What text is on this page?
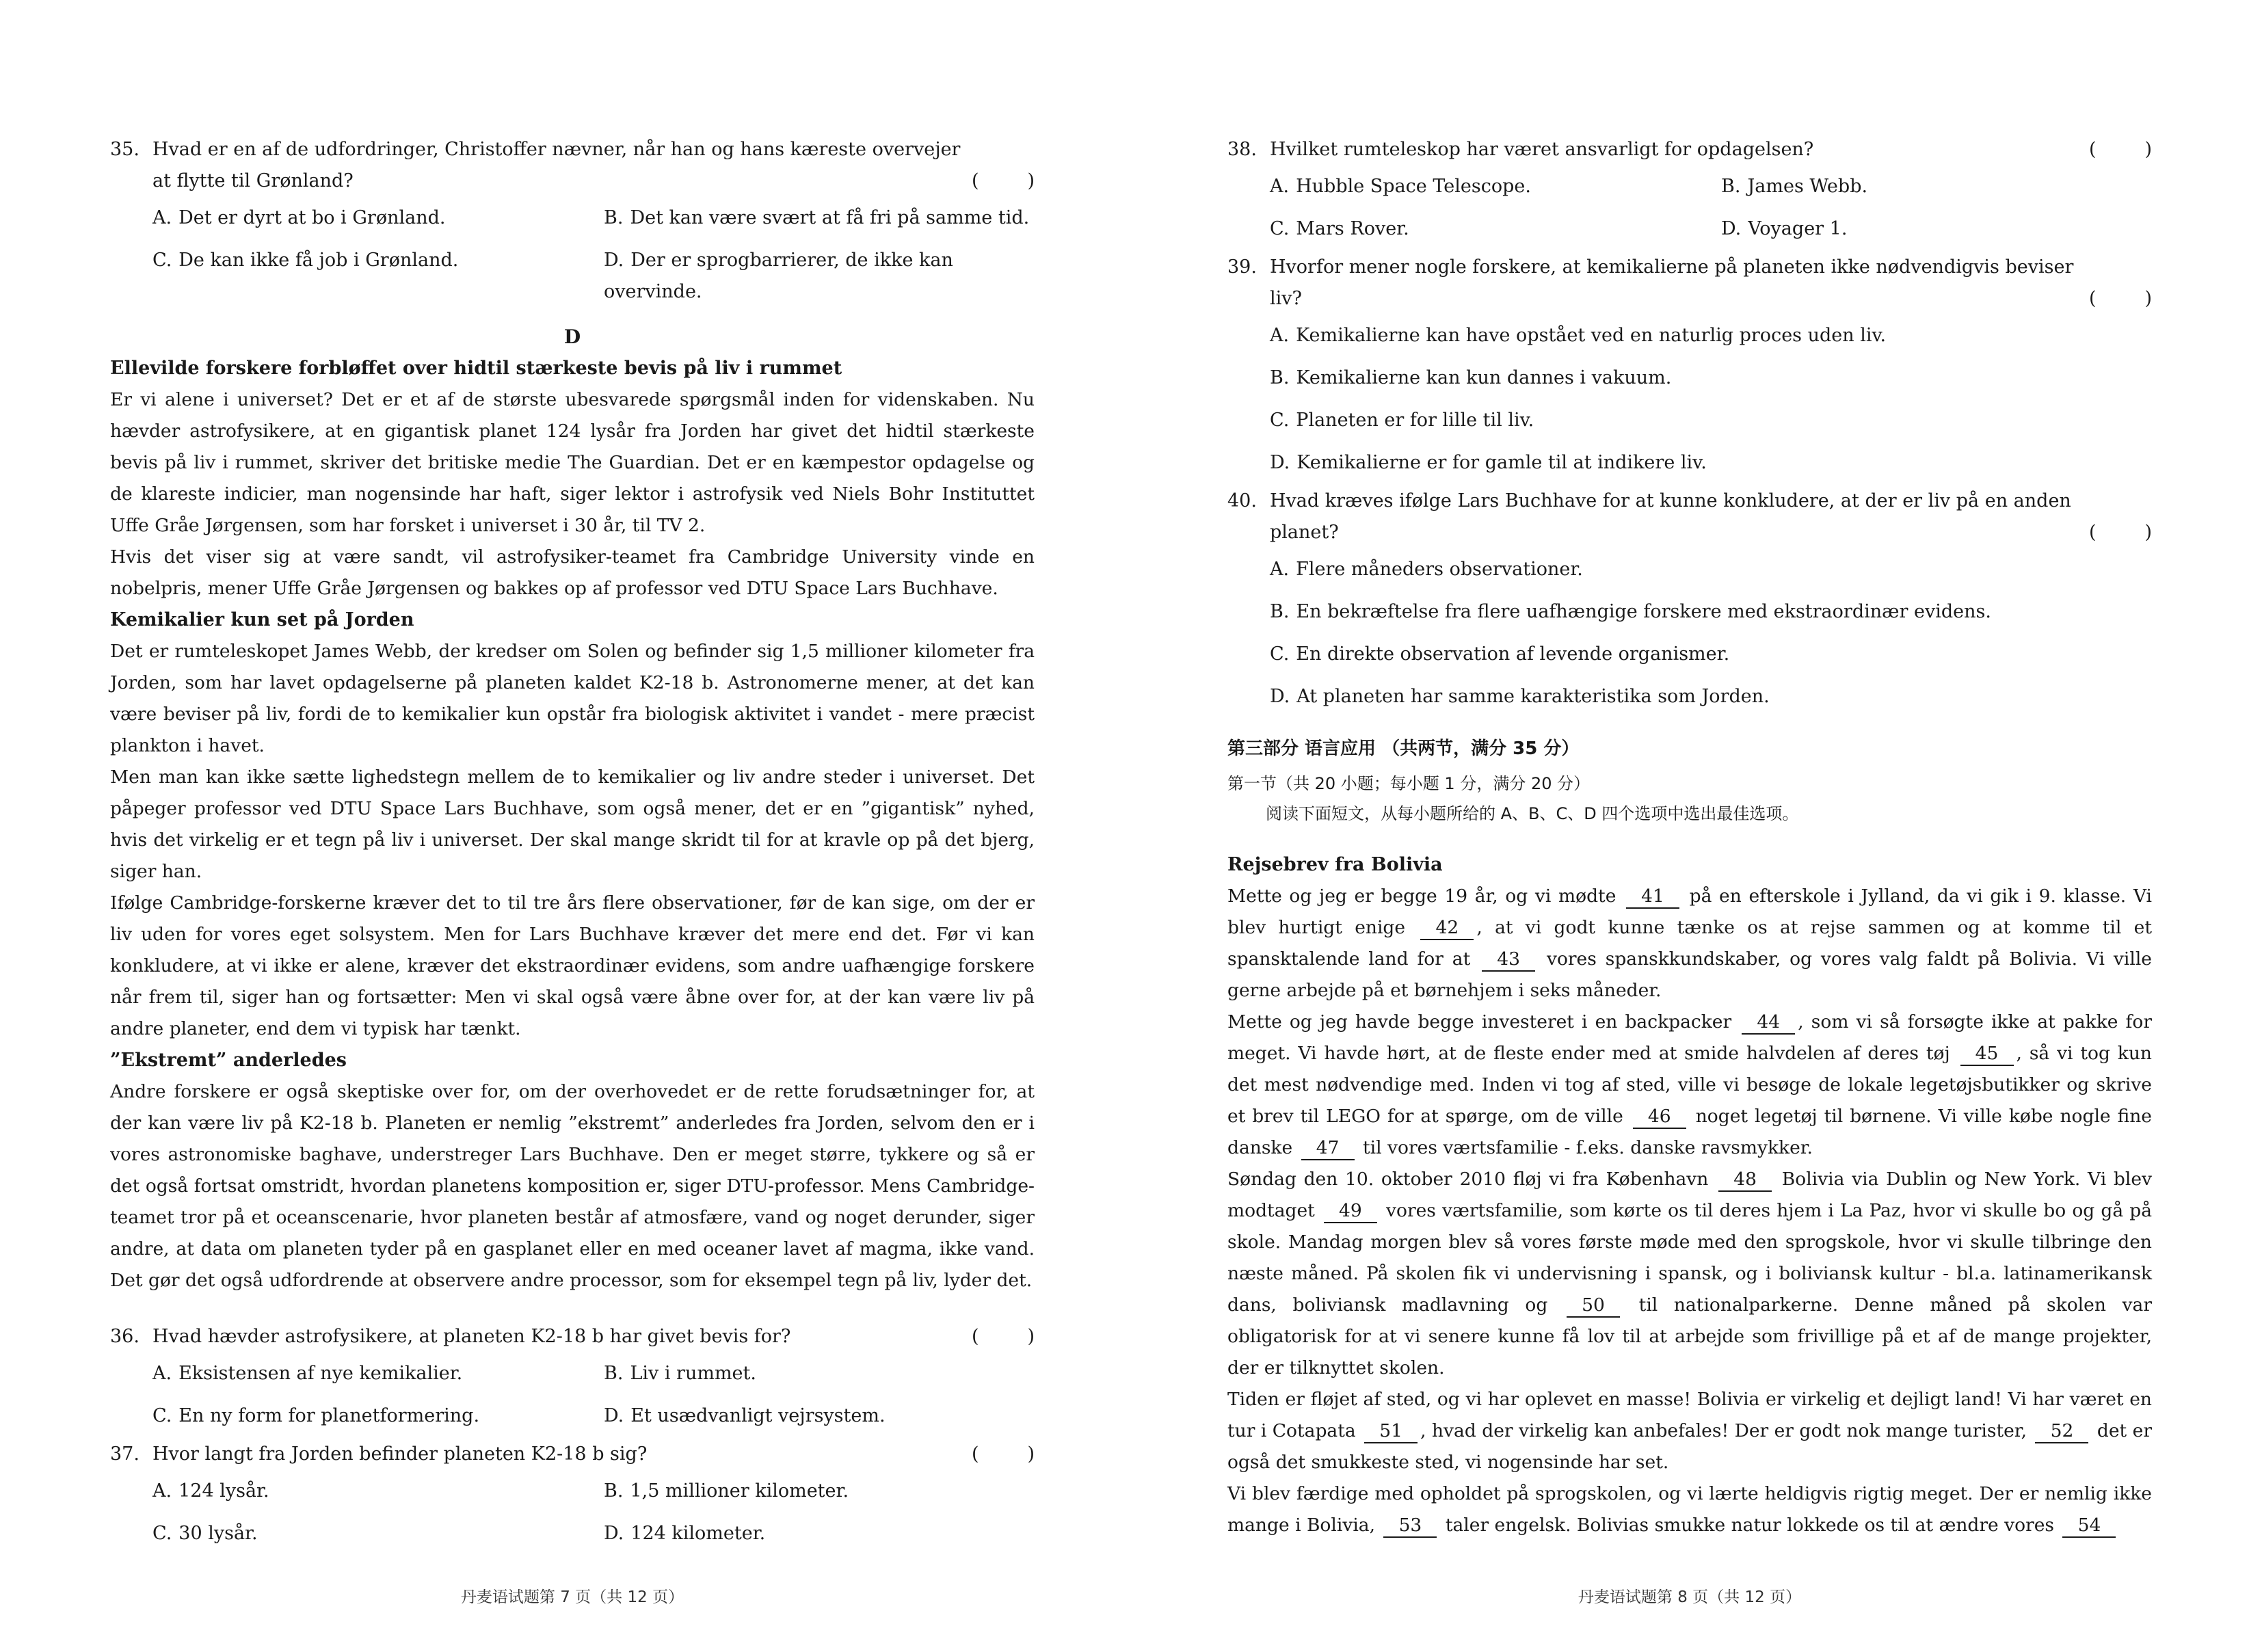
35. Hvad er en af de udfordringer, Christoffer nævner, når han og hans kæreste overvejer at flytte til Grønland?	(	)
A. Det er dyrt at bo i Grønland.	B. Det kan være svært at få fri på samme tid.
C. De kan ikke få job i Grønland.	D. Der er sprogbarrierer, de ikke kan overvinde.
D
Ellevilde forskere forbløffet over hidtil stærkeste bevis på liv i rummet
Er vi alene i universet? Det er et af de største ubesvarede spørgsmål inden for videnskaben. Nu hævder astrofysikere, at en gigantisk planet 124 lysår fra Jorden har givet det hidtil stærkeste bevis på liv i rummet, skriver det britiske medie The Guardian. Det er en kæmpestor opdagelse og de klareste indicier, man nogensinde har haft, siger lektor i astrofysik ved Niels Bohr Instituttet Uffe Gråe Jørgensen, som har forsket i universet i 30 år, til TV 2.
Hvis det viser sig at være sandt, vil astrofysiker-teamet fra Cambridge University vinde en nobelpris, mener Uffe Gråe Jørgensen og bakkes op af professor ved DTU Space Lars Buchhave.
Kemikalier kun set på Jorden
Det er rumteleskopet James Webb, der kredser om Solen og befinder sig 1,5 millioner kilometer fra Jorden, som har lavet opdagelserne på planeten kaldet K2-18 b. Astronomerne mener, at det kan være beviser på liv, fordi de to kemikalier kun opstår fra biologisk aktivitet i vandet - mere præcist plankton i havet.
Men man kan ikke sætte lighedstegn mellem de to kemikalier og liv andre steder i universet. Det påpeger professor ved DTU Space Lars Buchhave, som også mener, det er en ”gigantisk” nyhed, hvis det virkelig er et tegn på liv i universet. Der skal mange skridt til for at kravle op på det bjerg, siger han.
Ifølge Cambridge-forskerne kræver det to til tre års flere observationer, før de kan sige, om der er liv uden for vores eget solsystem. Men for Lars Buchhave kræver det mere end det. Før vi kan konkludere, at vi ikke er alene, kræver det ekstraordinær evidens, som andre uafhængige forskere når frem til, siger han og fortsætter: Men vi skal også være åbne over for, at der kan være liv på andre planeter, end dem vi typisk har tænkt.
”Ekstremt” anderledes
Andre forskere er også skeptiske over for, om der overhovedet er de rette forudsætninger for, at der kan være liv på K2-18 b. Planeten er nemlig ”ekstremt” anderledes fra Jorden, selvom den er i vores astronomiske baghave, understreger Lars Buchhave. Den er meget større, tykkere og så er det også fortsat omstridt, hvordan planetens komposition er, siger DTU-professor. Mens Cambridge-teamet tror på et oceanscenarie, hvor planeten består af atmosfære, vand og noget derunder, siger andre, at data om planeten tyder på en gasplanet eller en med oceaner lavet af magma, ikke vand. Det gør det også udfordrende at observere andre processor, som for eksempel tegn på liv, lyder det.
36. Hvad hævder astrofysikere, at planeten K2-18 b har givet bevis for?	(	)
A. Eksistensen af nye kemikalier.	B. Liv i rummet.
C. En ny form for planetformering.	D. Et usædvanligt vejrsystem.
37. Hvor langt fra Jorden befinder planeten K2-18 b sig?	(	)
A. 124 lysår.	B. 1,5 millioner kilometer.
C. 30 lysår.	D. 124 kilometer.
丹麦语试题第 7 页（共 12 页）
38. Hvilket rumteleskop har været ansvarligt for opdagelsen?	(	)
A. Hubble Space Telescope.	B. James Webb.
C. Mars Rover.	D. Voyager 1.
39. Hvorfor mener nogle forskere, at kemikalierne på planeten ikke nødvendigvis beviser liv?	(	)
A. Kemikalierne kan have opstået ved en naturlig proces uden liv.
B. Kemikalierne kan kun dannes i vakuum.
C. Planeten er for lille til liv.
D. Kemikalierne er for gamle til at indikere liv.
40. Hvad kræves ifølge Lars Buchhave for at kunne konkludere, at der er liv på en anden planet?	(	)
A. Flere måneders observationer.
B. En bekræftelse fra flere uafhængige forskere med ekstraordinær evidens.
C. En direkte observation af levende organismer.
D. At planeten har samme karakteristika som Jorden.
第三部分 语言应用 （共两节，满分 35 分）
第一节（共 20 小题；每小题 1 分，满分 20 分）
阅读下面短文，从每小题所给的 A、B、C、D 四个选项中选出最佳选项。
Rejsebrev fra Bolivia
Mette og jeg er begge 19 år, og vi mødte 41 på en efterskole i Jylland, da vi gik i 9. klasse. Vi blev hurtigt enige 42 , at vi godt kunne tænke os at rejse sammen og at komme til et spansktalende land for at 43 vores spanskkundskaber, og vores valg faldt på Bolivia. Vi ville gerne arbejde på et børnehjem i seks måneder.
Mette og jeg havde begge investeret i en backpacker 44 , som vi så forsøgte ikke at pakke for meget. Vi havde hørt, at de fleste ender med at smide halvdelen af deres tøj 45 , så vi tog kun det mest nødvendige med. Inden vi tog af sted, ville vi besøge de lokale legetøjsbutikker og skrive et brev til LEGO for at spørge, om de ville 46 noget legetøj til børnene. Vi ville købe nogle fine danske 47 til vores værtsfamilie - f.eks. danske ravsmykker.
Søndag den 10. oktober 2010 fløj vi fra København 48 Bolivia via Dublin og New York. Vi blev modtaget 49 vores værtsfamilie, som kørte os til deres hjem i La Paz, hvor vi skulle bo og gå på skole. Mandag morgen blev så vores første møde med den sprogskole, hvor vi skulle tilbringe den næste måned. På skolen fik vi undervisning i spansk, og i boliviansk kultur - bl.a. latinamerikansk dans, boliviansk madlavning og 50 til nationalparkerne. Denne måned på skolen var obligatorisk for at vi senere kunne få lov til at arbejde som frivillige på et af de mange projekter, der er tilknyttet skolen.
Tiden er fløjet af sted, og vi har oplevet en masse! Bolivia er virkelig et dejligt land! Vi har været en tur i Cotapata 51 , hvad der virkelig kan anbefales! Der er godt nok mange turister, 52 det er også det smukkeste sted, vi nogensinde har set.
Vi blev færdige med opholdet på sprogskolen, og vi lærte heldigvis rigtig meget. Der er nemlig ikke mange i Bolivia, 53 taler engelsk. Bolivias smukke natur lokkede os til at ændre vores 54
丹麦语试题第 8 页（共 12 页）
